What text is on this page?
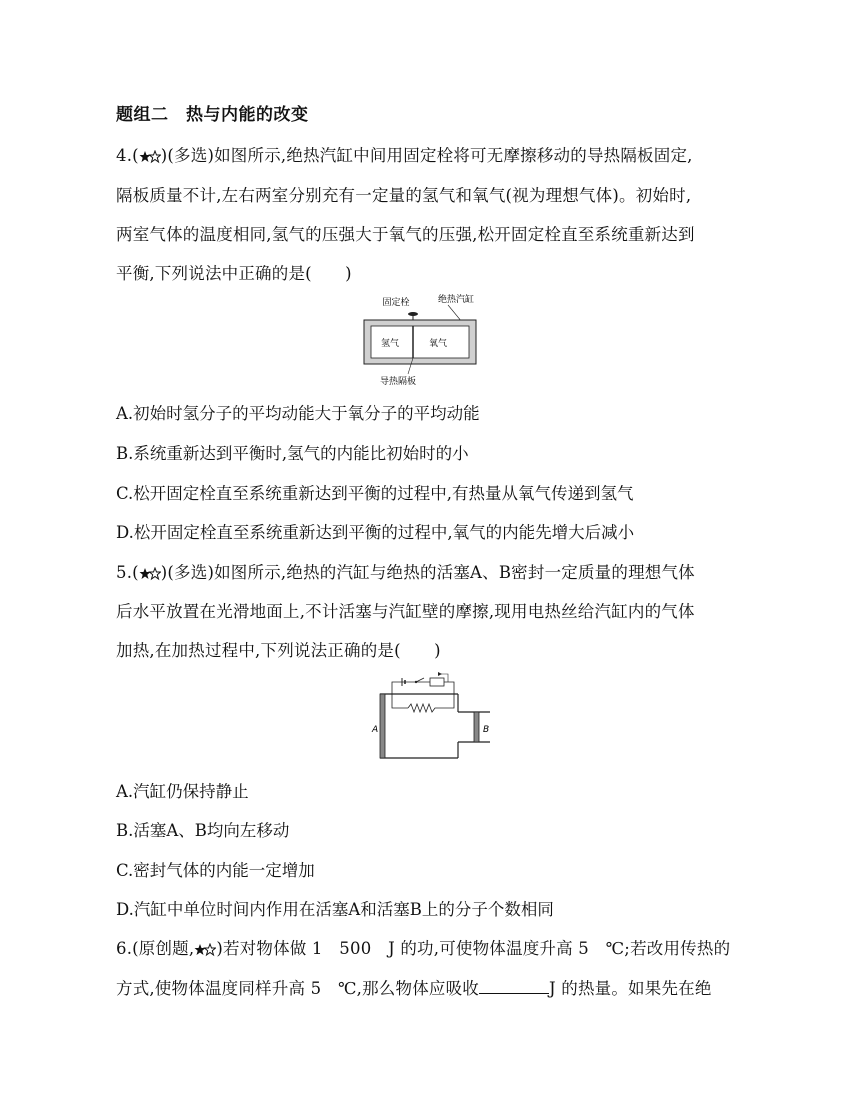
题组二　热与内能的改变
4.( )(多选)如图所示,绝热汽缸中间用固定栓将可无摩擦移动的导热隔板固定,
隔板质量不计,左右两室分别充有一定量的氢气和氧气(视为理想气体)。初始时,
两室气体的温度相同,氢气的压强大于氧气的压强,松开固定栓直至系统重新达到
平衡,下列说法中正确的是(　　)
固定栓	绝热汽缸
氢气	氧气
导热隔板
A.初始时氢分子的平均动能大于氧分子的平均动能
B.系统重新达到平衡时,氢气的内能比初始时的小
C.松开固定栓直至系统重新达到平衡的过程中,有热量从氧气传递到氢气
D.松开固定栓直至系统重新达到平衡的过程中,氧气的内能先增大后减小
5.( )(多选)如图所示,绝热的汽缸与绝热的活塞A、B密封一定质量的理想气体
后水平放置在光滑地面上,不计活塞与汽缸壁的摩擦,现用电热丝给汽缸内的气体
加热,在加热过程中,下列说法正确的是(　　)
A	B
A.汽缸仍保持静止
B.活塞A、B均向左移动
C.密封气体的内能一定增加
D.汽缸中单位时间内作用在活塞A和活塞B上的分子个数相同
6.(原创题, )若对物体做 1　500　J 的功,可使物体温度升高 5　℃;若改用传热的
方式,使物体温度同样升高 5　℃,那么物体应吸收	J 的热量。如果先在绝
